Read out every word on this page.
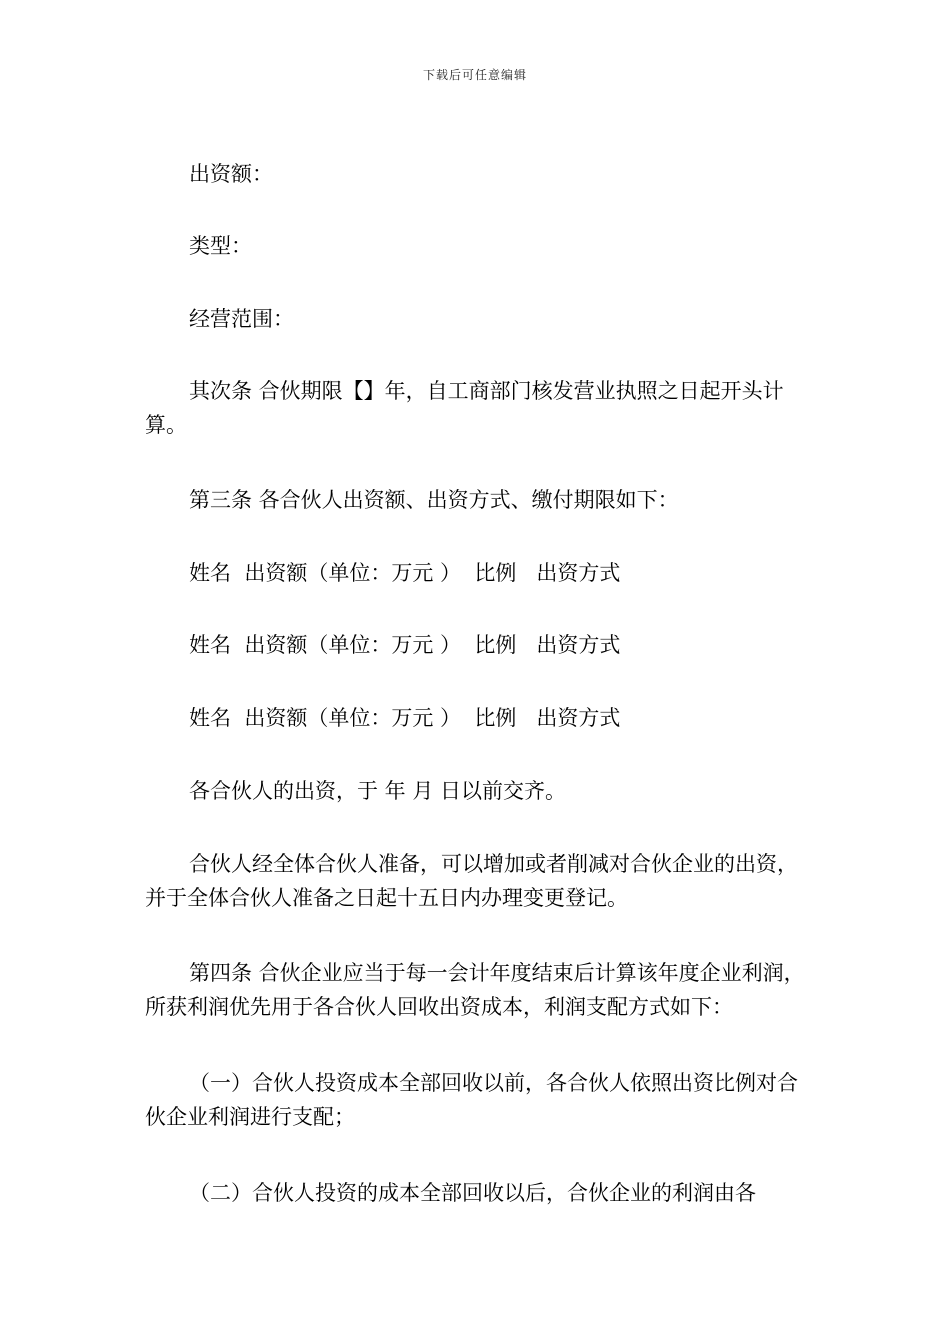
下载后可任意编辑

出资额：

类型：

经营范围：

其次条 合伙期限【】年，自工商部门核发营业执照之日起开头计算。

第三条 各合伙人出资额、出资方式、缴付期限如下：

姓名  出资额（单位：万元 ）  比例   出资方式

姓名  出资额（单位：万元 ）  比例   出资方式

姓名  出资额（单位：万元 ）  比例   出资方式

各合伙人的出资，于 年 月 日以前交齐。

合伙人经全体合伙人准备，可以增加或者削减对合伙企业的出资，并于全体合伙人准备之日起十五日内办理变更登记。

第四条 合伙企业应当于每一会计年度结束后计算该年度企业利润，所获利润优先用于各合伙人回收出资成本，利润支配方式如下：

（一）合伙人投资成本全部回收以前，各合伙人依照出资比例对合伙企业利润进行支配；

（二）合伙人投资的成本全部回收以后，合伙企业的利润由各
